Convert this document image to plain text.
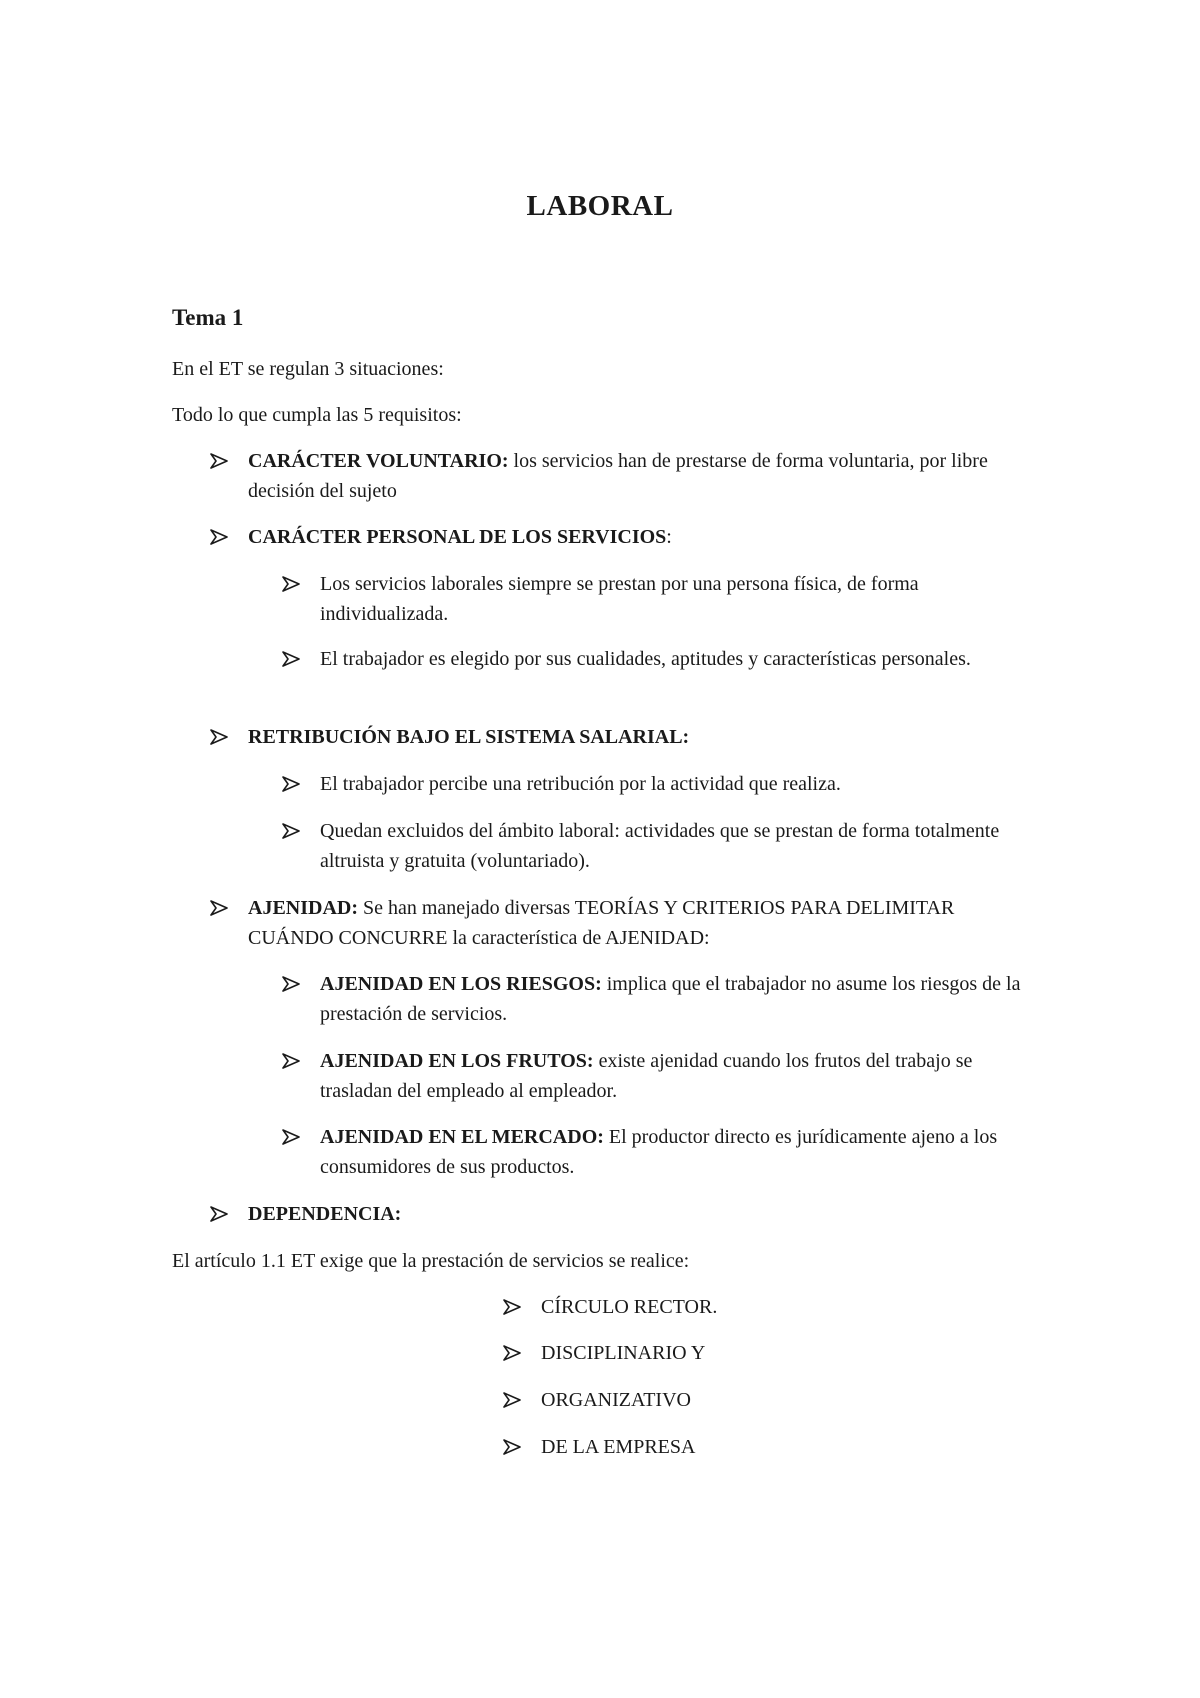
LABORAL
Tema 1
En el ET se regulan 3 situaciones:
Todo lo que cumpla las 5 requisitos:
CARÁCTER VOLUNTARIO: los servicios han de prestarse de forma voluntaria, por libre decisión del sujeto
CARÁCTER PERSONAL DE LOS SERVICIOS:
Los servicios laborales siempre se prestan por una persona física, de forma individualizada.
El trabajador es elegido por sus cualidades, aptitudes y características personales.
RETRIBUCIÓN BAJO EL SISTEMA SALARIAL:
El trabajador percibe una retribución por la actividad que realiza.
Quedan excluidos del ámbito laboral: actividades que se prestan de forma totalmente altruista y gratuita (voluntariado).
AJENIDAD: Se han manejado diversas TEORÍAS Y CRITERIOS PARA DELIMITAR CUÁNDO CONCURRE la característica de AJENIDAD:
AJENIDAD EN LOS RIESGOS: implica que el trabajador no asume los riesgos de la prestación de servicios.
AJENIDAD EN LOS FRUTOS: existe ajenidad cuando los frutos del trabajo se trasladan del empleado al empleador.
AJENIDAD EN EL MERCADO: El productor directo es jurídicamente ajeno a los consumidores de sus productos.
DEPENDENCIA:
El artículo 1.1 ET exige que la prestación de servicios se realice:
CÍRCULO RECTOR.
DISCIPLINARIO Y
ORGANIZATIVO
DE LA EMPRESA
